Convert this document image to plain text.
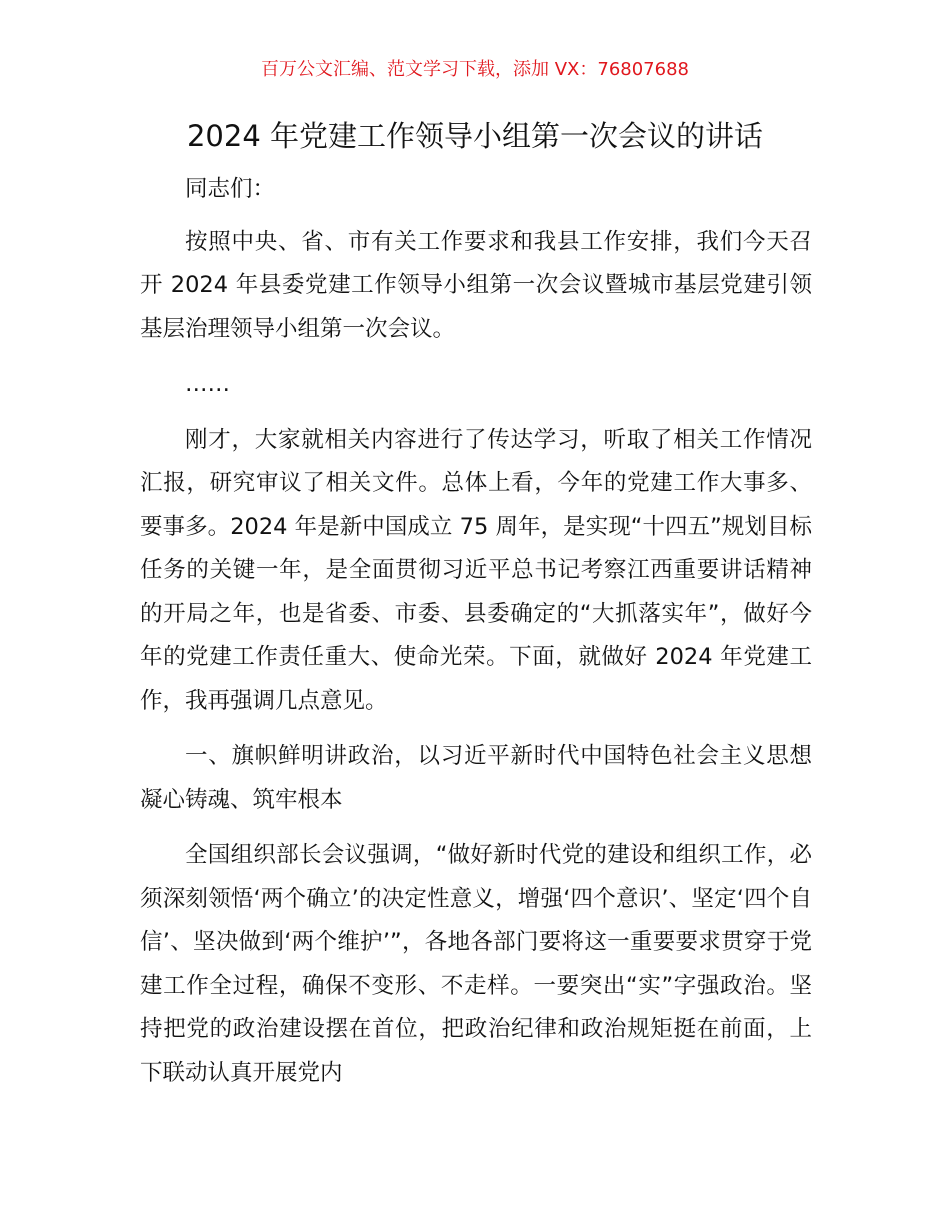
百万公文汇编、范文学习下载，添加 VX：76807688
2024 年党建工作领导小组第一次会议的讲话

同志们：

按照中央、省、市有关工作要求和我县工作安排，我们今天召开 2024 年县委党建工作领导小组第一次会议暨城市基层党建引领基层治理领导小组第一次会议。

……

刚才，大家就相关内容进行了传达学习，听取了相关工作情况汇报，研究审议了相关文件。总体上看，今年的党建工作大事多、要事多。2024 年是新中国成立 75 周年，是实现“十四五”规划目标任务的关键一年，是全面贯彻习近平总书记考察江西重要讲话精神的开局之年，也是省委、市委、县委确定的“大抓落实年”，做好今年的党建工作责任重大、使命光荣。下面，就做好 2024 年党建工作，我再强调几点意见。

一、旗帜鲜明讲政治，以习近平新时代中国特色社会主义思想凝心铸魂、筑牢根本

全国组织部长会议强调，“做好新时代党的建设和组织工作，必须深刻领悟‘两个确立’的决定性意义，增强‘四个意识’、坚定‘四个自信’、坚决做到‘两个维护’”，各地各部门要将这一重要要求贯穿于党建工作全过程，确保不变形、不走样。一要突出“实”字强政治。坚持把党的政治建设摆在首位，把政治纪律和政治规矩挺在前面，上下联动认真开展党内
